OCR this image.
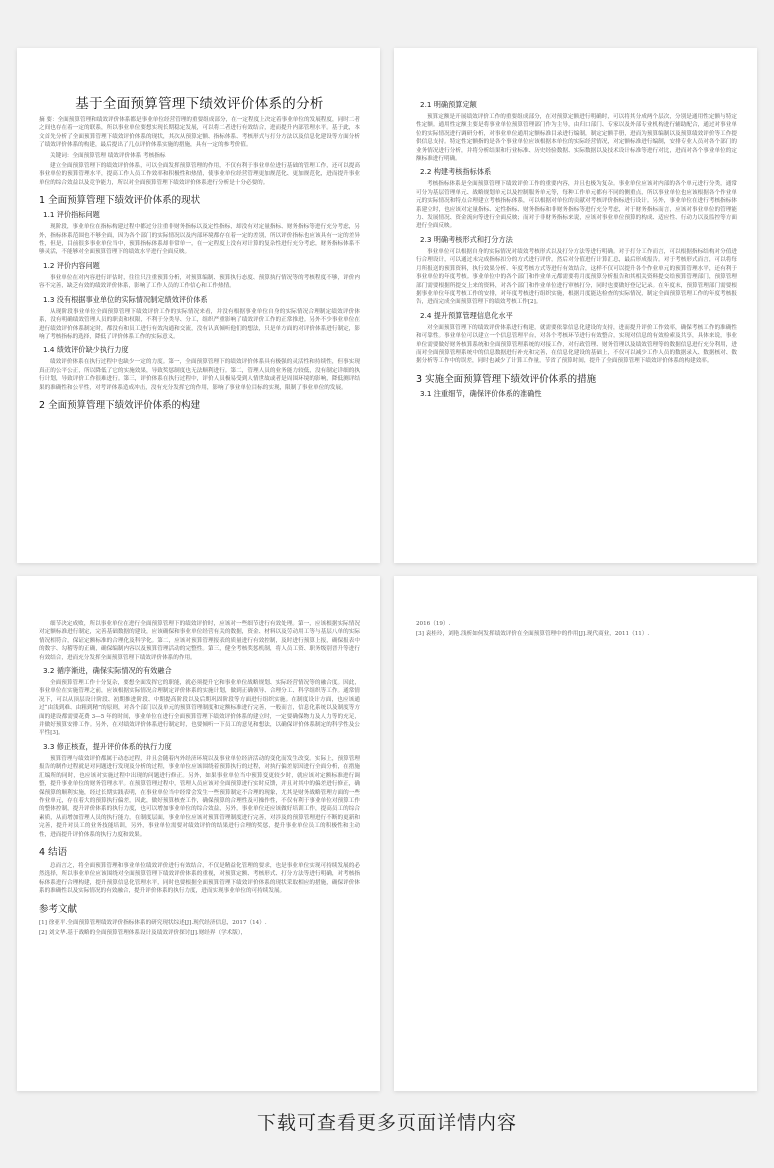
基于全面预算管理下绩效评价体系的分析

摘 要：全面预算管理和绩效评价体系都是事业单位经营管理的重要组成部分，在一定程度上决定着事业单位的发展程度，同时二者之间也存在着一定的联系，所以事业单位要想实现长期稳定发展，可以将二者进行有效结合，进而提升内部管理水平。基于此，本文首先分析了全面预算管理下绩效评价体系的现状，其次从预算定额、指标体系、考核形式与打分方法以及信息化建设等方面分析了绩效评价体系的构建，最后提出了几点评价体系实施的措施，具有一定的参考价值。

关键词：全面预算管理 绩效评价体系 考核指标

建立全面预算管理下的绩效评价体系，可以全面发挥预算管理的作用，不仅有利于事业单位进行基础的管理工作，还可以提高事业单位的预算管理水平，提高工作人员工作效率和积极性和热情，使事业单位经营管理更加规范化、更加规范化，进而提升事业单位的综合效益以及竞争能力，所以对全面预算管理下绩效评价体系进行分析是十分必要的。

1 全面预算管理下绩效评价体系的现状
1.1 评价指标问题

现阶段，事业单位在指标构建过程中都过分注重非财务指标以及定性指标，却没有对定量指标、财务指标等进行充分考虑，另外，指标体系范围也不够全面，因为各个部门的实际情况以及内部环境都存在着一定的差别，所以评价指标也应该具有一定的差异性，但是，目前很多事业单位当中，预算指标体系却非常单一，在一定程度上没有对计算的复杂性进行充分考虑，财务指标体系不够灵活，不能够对全面预算管理下的绩效水平进行全面反映。

1.2 评价内容问题

事业单位在对内容进行评估时，往往只注重预算分析，对预算编制、预算执行态度、预算执行情况等的考核程度不够，评价内容不完善，缺乏有效的绩效评价体系，影响了工作人员的工作信心和工作热情。

1.3 没有根据事业单位的实际情况制定绩效评价体系

从现阶段事业单位全面预算管理下绩效评价工作的实际情况来看，并没有根据事业单位自身的实际情况合理制定绩效评价体系，没有明确绩效管理人员的职责和权限，不利于分类导、分工，组织严重影响了绩效评价工作的正常推进。另外不少事业单位在进行绩效评价体系制定时，都没有和员工进行有效沟通和交流，没有认真倾听他们的想法，只是单方面的对评价体系进行制定，影响了考核指标的选择，降低了评价体系工作的实际意义。

1.4 绩效评价缺少执行力度

绩效评价体系在执行过程中也缺少一定的力度。第一，全面预算管理下的绩效评价体系具有极强的灵活性和持续性，但事实现真正的公平公正，所以降低了它的实施效果，导致奖惩制度也无法顺利进行。第二，管理人员的业务能力较低，没有制定详细的执行计划，导致评价工作很难进行。第三，评价体系在执行过程中，评价人员极易受到人情世故或者是周围环境的影响，降低测评结果的准确性和公平性，对考评体系造成冲击，没有充分发挥它的作用，影响了事业单位目标的实现，限制了事业单位的发展。

2 全面预算管理下绩效评价体系的构建
2.1 明确预算定额

预算定额是开展绩效评价工作的重要组成部分，在对预算定额进行明确时，可以将其分成两个层次，分别是通用性定额与特定性定额。通用性定额主要是将事业单位预算管理部门作为主导，由归口部门、专家以及外部专业机构进行辅助配合，通过对事业单位的实际情况进行调研分析，对事业单位通用定额标准目录进行编制，制定定额手册，进而为预算编制以及预算绩效评价等工作提供信息支持。特定性定额指的是各个事业单位应该根据本单位的实际经营情况，对定额标准进行编制，安排专业人员对各个部门的业务情况进行分析，并将分析结果和行业标准、历史经验数据、实际数据以及技术设计标准等进行对比，进而对各个事业单位的定额标准进行明确。

2.2 构建考核指标体系

考核指标体系是全面预算管理下绩效评价工作的重要内容，并且也极为复杂。事业单位应该对内部的各个单元进行分类，通常可分为基层管理单元、战略规划单元以及控制服务单元等，每种工作单元都有不同的侧重点，所以事业单位也应该根据各个作业单元的实际情况和特点合理建立考核指标体系，可以根据对单位的贡献对考核评价指标进行设计。另外，事业单位在进行考核指标体系建立时，也应该对定量指标、定性指标、财务指标和非财务指标等进行充分考虑，对于财务指标而言，应该对事业单位的管理能力、发展情况、资金流向等进行全面反映；而对于非财务指标来说，应该对事业单位预算的构成、适应性、行动力以及监控等方面进行全面反映。

2.3 明确考核形式和打分方法

事业单位可以根据自身的实际情况对绩效考核形式以及打分方法等进行明确。对于打分工作而言，可以根据指标结构对分值进行合理设计，可以通过未完成指标扣分的方式进行评价，然后对分值进行计算汇总，最后形成报告。对于考核形式而言，可以将每月所报送的预算资料，执行效果分析、年度考核方式等进行有效结合，这样不仅可以提升各个作业单元的预算管理水平，还有利于事业单位的年度考核。事业单位中的各个部门和作业单元都需要将月度预算分析报告和其相关资料提交给预算管理部门，预算管理部门需要根据所提交上来的资料，对各个部门和作业单位进行审核打分，同时也要做好登记记录。在年度末，预算管理部门需要根据事业单位年度考核工作的安排，对年度考核进行组织实施，根据月度能达检查的实际情况，制定全面预算管理工作的年度考核报告，进而完成全面预算管理下的绩效考核工作[2]。

2.4 提升预算管理信息化水平

对全面预算管理下的绩效评价体系进行构建，就需要依靠信息化建设的支持，进而提升评价工作效率，确保考核工作的准确性和可靠性。事业单位可以建立一个信息管理平台，对各个考核环节进行有效整合，实现对信息的有效检索及共享，具体来说，事业单位需要做好财务核算系统和全面预算管理系统的对接工作，对行政管理、财务管理以及绩效管理等的数据信息进行充分利用，进而对全面预算管理系统中的信息数据进行补充和完善，在信息化建设的基础上，不仅可以减少工作人员的数据录入、数据核对、数据分析等工作中的误差，同时也减少了计算工作量，节省了预算时间，提升了全面预算管理下绩效评价体系的构建效率。

3 实施全面预算管理下绩效评价体系的措施
3.1 注重细节，确保评价体系的准确性

细节决定成败，所以事业单位在进行全面预算管理下的绩效评价时，应该对一些细节进行有效处理。第一，应该根据实际情况对定额标准进行制定，完善基础数据的建设，应该确保和事业单位经营有关的数据，资金、材料以及劳动用工等与基层八单的实际情况相符合，保证定额标准的合理化及科学化。第二，应该对预算管理报表的质量进行有效控制，及时进行预算上报，确保报表中的数字、勾稽等的正确，确保编制内容以及预算管理活动的完整性。第三，健全考核奖惩机制，将人员工资、职务级别晋升等进行有效结合，进而充分发挥全面预算管理下绩效评价体系的作用。

3.2 循序渐进，确保实际情况的有效融合

全面预算管理工作十分复杂，要想全面发挥它的职能，就必须提升它和事业单位战略规划、实际经营情况等的融合度。因此，事业单位在实施管理之前，应该根据实际情况合理制定评价体系的实施计划，做到正确领导、合理分工、科学组织等工作。通常情况下，可以从顶层设计阶段、初期推进阶段、中期提高阶段以及后期巩固阶段等方面进行组织实施。在制度设计方面，也应该通过“由浅到难、由粗到精”的原则，对各个部门以及单元的预算管理制度和定额标准进行完善，一般而言，信息化系统以及制度等方面的建设都需要花费 3—5 年的时间，事业单位在进行全面预算管理下绩效评价体系的建立时，一定要确保物力及人力等的充足，并做好预算安排工作。另外，在对绩效评价体系进行制定时，也要倾听一下员工的意见和想法，以确保评价体系制定的科学性及公平性[3]。

3.3 修正核查，提升评价体系的执行力度

预算管理与绩效评价都属于动态过程，并且会随着内外经济环境以及事业单位经济活动的变化而发生改变。实际上，预算管理报告的制作过程就是对问题进行发现及分析的过程，事业单位应该围绕着预算执行的过程，对执行偏差原因进行全面分析，在措施汇编所的同时，也应该对实施过程中出现的问题进行修正。另外，如果事业单位当中预算变更较少时，就应该对定额标准进行调整，提升事业单位的财务管理水平。在预算管理过程中，管理人员应该对全面预算进行实时反馈，并且对其中的偏差进行修正，确保预算的顺利实施，经过长期实践表明，在事业单位当中经常会发生一些预算制定不合理的现象，尤其是财务战略管理方面的一些作业单元，存在着大的预算执行偏差，因此，做好预算核查工作，确保预算的合理性及可操作性，不仅有利于事业单位对预算工作的整体控制，提升评价体系的执行力度，也可以增加事业单位的综合效益，另外，事业单位还应该做好培训工作，提高员工的综合素质，从而增加管理人员的执行能力，在制度层面，事业单位应该对预算管理制度进行完善，对涉及的预算管理进行不断的更新和完善，提升对员工的业务技能培训，另外，事业单位需要对绩效评价的结果进行合理的奖惩，提升事业单位员工的积极性和主动性，进而提升评价体系的执行力度和效果。

4 结语

总而言之，将全面预算管理和事业单位绩效评价进行有效结合，不仅是精益化管理的要求，也是事业单位实现可持续发展的必然选择，所以事业单位应该围绕对全面预算管理下绩效评价体系的重视，对预算定额、考核形式、打分方法等进行明确，对考核指标体系进行合理构建，提升预算信息化管理水平，同时也要根据全面预算管理下绩效评价体系的现状采取相应的措施，确保评价体系的准确性以及实际情况的有效融合，提升评价体系的执行力度，进而实现事业单位的可持续发展。

参考文献

[1] 徐亚平.全面预算管理绩效评价指标体系的研究现状综述[J].现代经济信息，2017（14）.

[2] 刘文华.基于战略的全面预算管理体系设计及绩效评价探讨[J].财经界（学术版），

2016（19）.

[3] 袁桂玲，刘艳.浅析如何发挥绩效评价在全面预算管理中的作用[J].现代商业，2011（11）.

下载可查看更多页面详情内容
